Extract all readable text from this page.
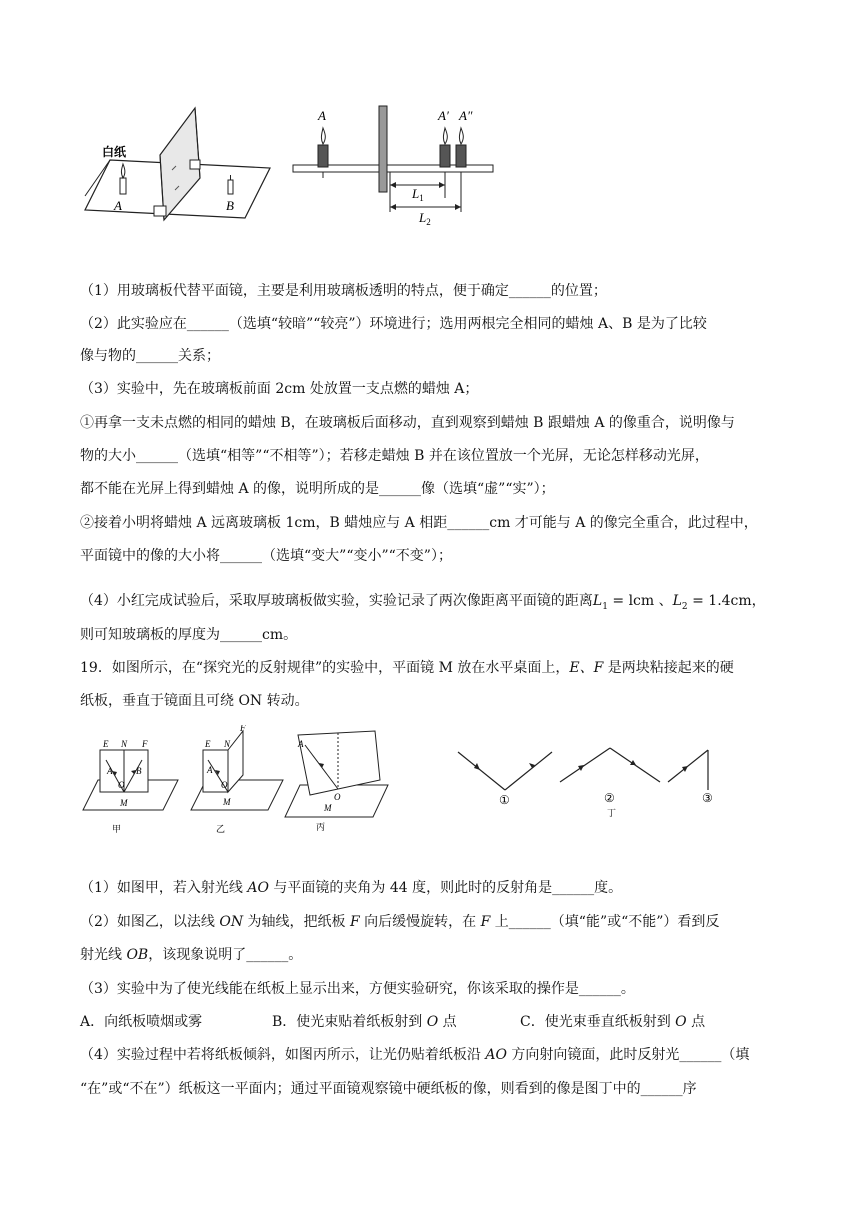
白纸
A	B
A	A′ A″
$L_1$
$L_2$
（1）用玻璃板代替平面镜，主要是利用玻璃板透明的特点，便于确定______的位置；
（2）此实验应在______（选填“较暗”“较亮”）环境进行；选用两根完全相同的蜡烛 A、B 是为了比较
像与物的______关系；
（3）实验中，先在玻璃板前面 2cm 处放置一支点燃的蜡烛 A；
①再拿一支未点燃的相同的蜡烛 B，在玻璃板后面移动，直到观察到蜡烛 B 跟蜡烛 A 的像重合，说明像与
物的大小______（选填“相等”“不相等”）；若移走蜡烛 B 并在该位置放一个光屏，无论怎样移动光屏，
都不能在光屏上得到蜡烛 A 的像，说明所成的是______像（选填“虚”“实”）；
②接着小明将蜡烛 A 远离玻璃板 1cm，B 蜡烛应与 A 相距______cm 才可能与 A 的像完全重合，此过程中，
平面镜中的像的大小将______（选填“变大”“变小”“不变”）；
（4）小红完成试验后，采取厚玻璃板做实验，实验记录了两次像距离平面镜的距离$L_1$ = lcm 、$L_2 = 1.4cm$，
则可知玻璃板的厚度为______cm。
19．如图所示，在“探究光的反射规律”的实验中，平面镜 M 放在水平桌面上，E、F 是两块粘接起来的硬
纸板，垂直于镜面且可绕 ON 转动。
E N F
A
O
B
M
甲
E N
F
A
O
M
乙
A
O
M
丙
①	②
丁
③
（1）如图甲，若入射光线 AO 与平面镜的夹角为 44 度，则此时的反射角是______度。
（2）如图乙，以法线 ON 为轴线，把纸板 F 向后缓慢旋转，在 F 上______（填“能”或“不能”）看到反
射光线 OB，该现象说明了______。
（3）实验中为了使光线能在纸板上显示出来，方便实验研究，你该采取的操作是______。
A．向纸板喷烟或雾	B．使光束贴着纸板射到 O 点	C．使光束垂直纸板射到 O 点
（4）实验过程中若将纸板倾斜，如图丙所示，让光仍贴着纸板沿 AO 方向射向镜面，此时反射光______（填
“在”或“不在”）纸板这一平面内；通过平面镜观察镜中硬纸板的像，则看到的像是图丁中的______序
